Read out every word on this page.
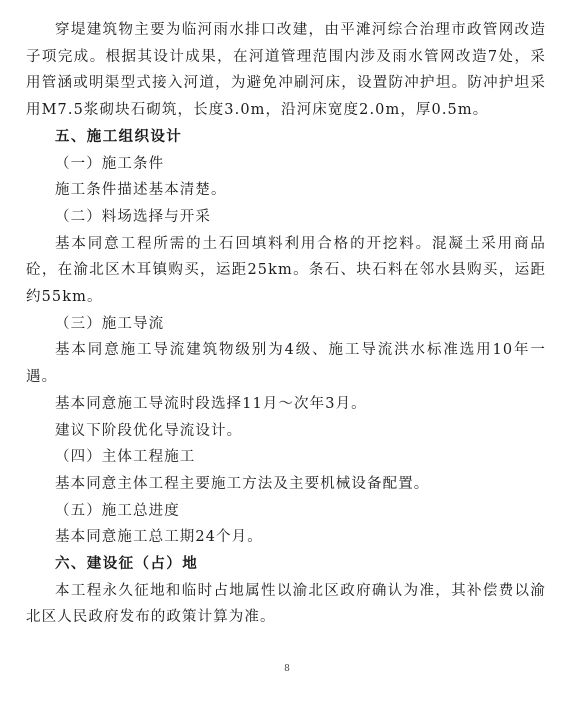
穿堤建筑物主要为临河雨水排口改建，由平滩河综合治理市政管网改造子项完成。根据其设计成果，在河道管理范围内涉及雨水管网改造7处，采用管涵或明渠型式接入河道，为避免冲刷河床，设置防冲护坦。防冲护坦采用M7.5浆砌块石砌筑，长度3.0m，沿河床宽度2.0m，厚0.5m。

五、施工组织设计

（一）施工条件

施工条件描述基本清楚。

（二）料场选择与开采

基本同意工程所需的土石回填料利用合格的开挖料。混凝土采用商品砼，在渝北区木耳镇购买，运距25km。条石、块石料在邻水县购买，运距约55km。

（三）施工导流

基本同意施工导流建筑物级别为4级、施工导流洪水标准选用10年一遇。

基本同意施工导流时段选择11月～次年3月。

建议下阶段优化导流设计。

（四）主体工程施工

基本同意主体工程主要施工方法及主要机械设备配置。

（五）施工总进度

基本同意施工总工期24个月。

六、建设征（占）地

本工程永久征地和临时占地属性以渝北区政府确认为准，其补偿费以渝北区人民政府发布的政策计算为准。

8
